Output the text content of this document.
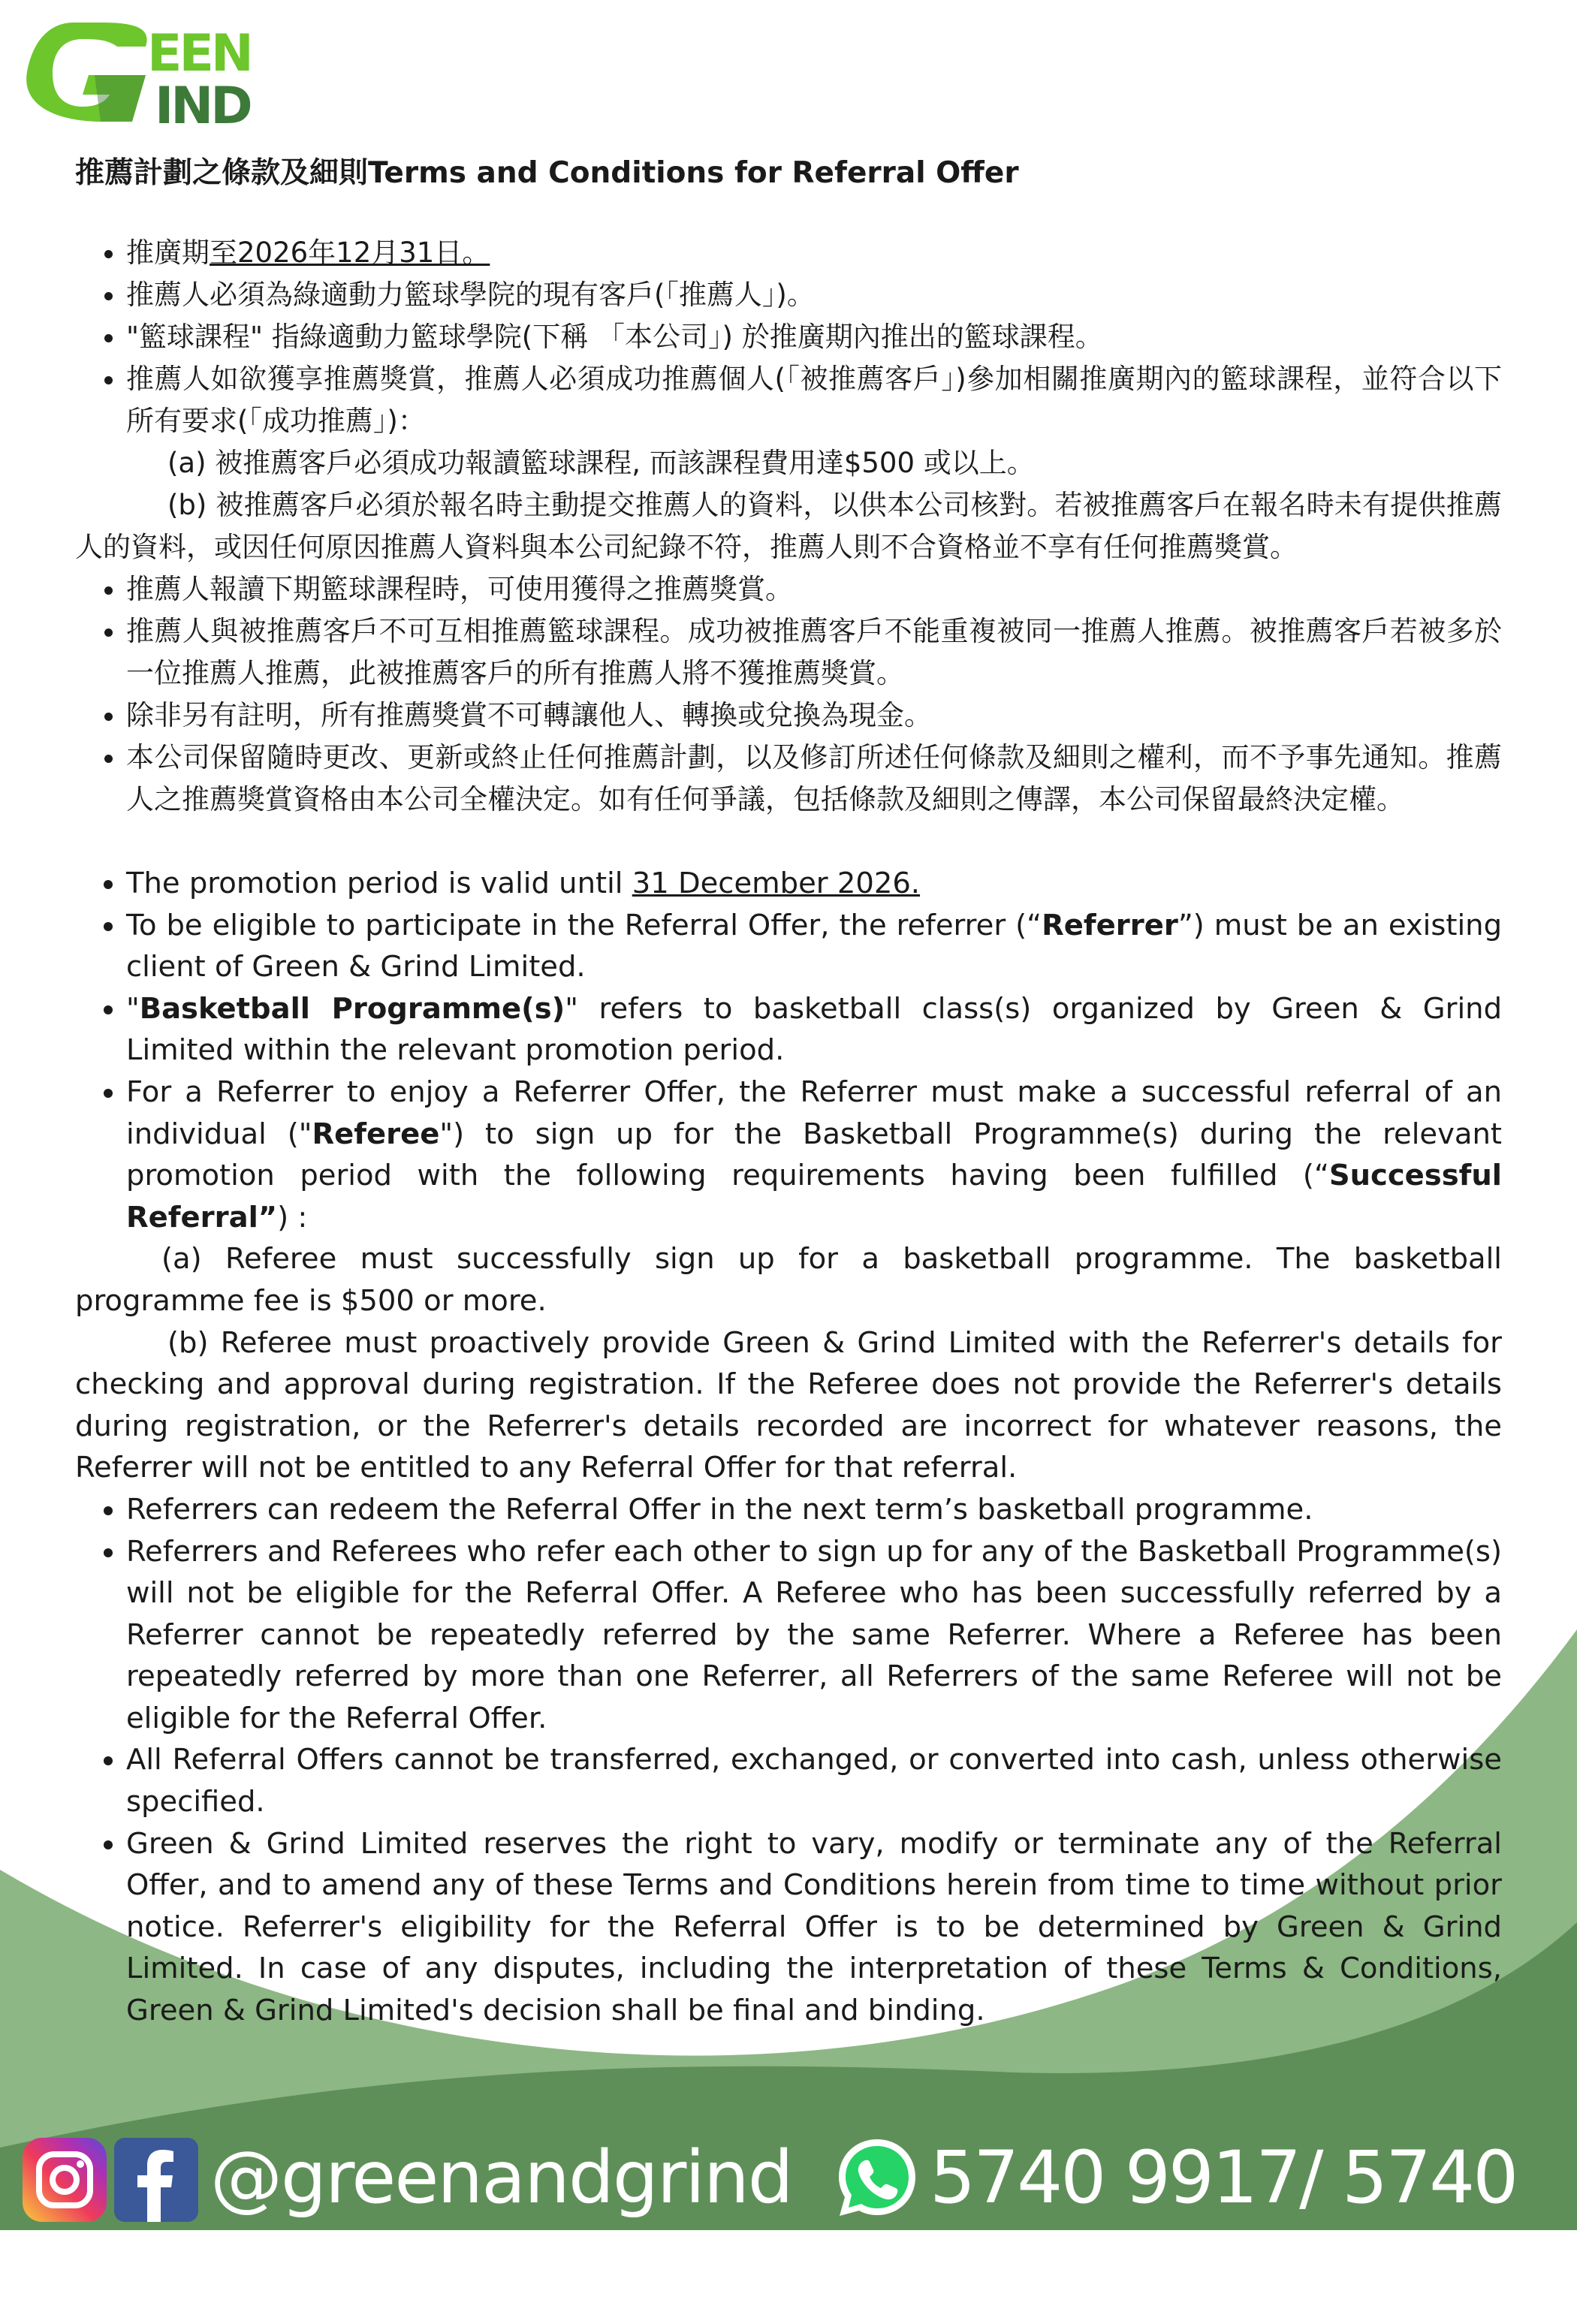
EEN
IND
推薦計劃之條款及細則Terms and Conditions for Referral Offer
• 推廣期至2026年12月31日。
• 推薦人必須為綠適動力籃球學院的現有客戶(｢推薦人｣)。
• "籃球課程" 指綠適動力籃球學院(下稱 「本公司｣) 於推廣期內推出的籃球課程。
• 推薦人如欲獲享推薦獎賞，推薦人必須成功推薦個人(｢被推薦客戶｣)參加相關推廣期內的籃球課程，並符合以下所有要求(｢成功推薦｣)：
(a) 被推薦客戶必須成功報讀籃球課程, 而該課程費用達$500 或以上。
(b) 被推薦客戶必須於報名時主動提交推薦人的資料，以供本公司核對。若被推薦客戶在報名時未有提供推薦人的資料，或因任何原因推薦人資料與本公司紀錄不符，推薦人則不合資格並不享有任何推薦獎賞。
• 推薦人報讀下期籃球課程時，可使用獲得之推薦獎賞。
• 推薦人與被推薦客戶不可互相推薦籃球課程。成功被推薦客戶不能重複被同一推薦人推薦。被推薦客戶若被多於一位推薦人推薦，此被推薦客戶的所有推薦人將不獲推薦獎賞。
• 除非另有註明，所有推薦獎賞不可轉讓他人、轉換或兌換為現金。
• 本公司保留隨時更改、更新或終止任何推薦計劃，以及修訂所述任何條款及細則之權利，而不予事先通知。推薦人之推薦獎賞資格由本公司全權決定。如有任何爭議，包括條款及細則之傳譯，本公司保留最終決定權。
• The promotion period is valid until 31 December 2026.
• To be eligible to participate in the Referral Offer, the referrer (“Referrer”) must be an existing client of Green & Grind Limited.
• "Basketball Programme(s)" refers to basketball class(s) organized by Green & Grind Limited within the relevant promotion period.
• For a Referrer to enjoy a Referrer Offer, the Referrer must make a successful referral of an individual ("Referee") to sign up for the Basketball Programme(s) during the relevant promotion period with the following requirements having been fulfilled (“Successful Referral”) :
(a) Referee must successfully sign up for a basketball programme. The basketball programme fee is $500 or more.
(b) Referee must proactively provide Green & Grind Limited with the Referrer's details for checking and approval during registration. If the Referee does not provide the Referrer's details during registration, or the Referrer's details recorded are incorrect for whatever reasons, the Referrer will not be entitled to any Referral Offer for that referral.
• Referrers can redeem the Referral Offer in the next term’s basketball programme.
• Referrers and Referees who refer each other to sign up for any of the Basketball Programme(s) will not be eligible for the Referral Offer. A Referee who has been successfully referred by a Referrer cannot be repeatedly referred by the same Referrer. Where a Referee has been repeatedly referred by more than one Referrer, all Referrers of the same Referee will not be eligible for the Referral Offer.
• All Referral Offers cannot be transferred, exchanged, or converted into cash, unless otherwise specified.
• Green & Grind Limited reserves the right to vary, modify or terminate any of the Referral Offer, and to amend any of these Terms and Conditions herein from time to time without prior notice. Referrer's eligibility for the Referral Offer is to be determined by Green & Grind Limited. In case of any disputes, including the interpretation of these Terms & Conditions, Green & Grind Limited's decision shall be final and binding.
@greenandgrind 5740 9917/ 5740 7655
